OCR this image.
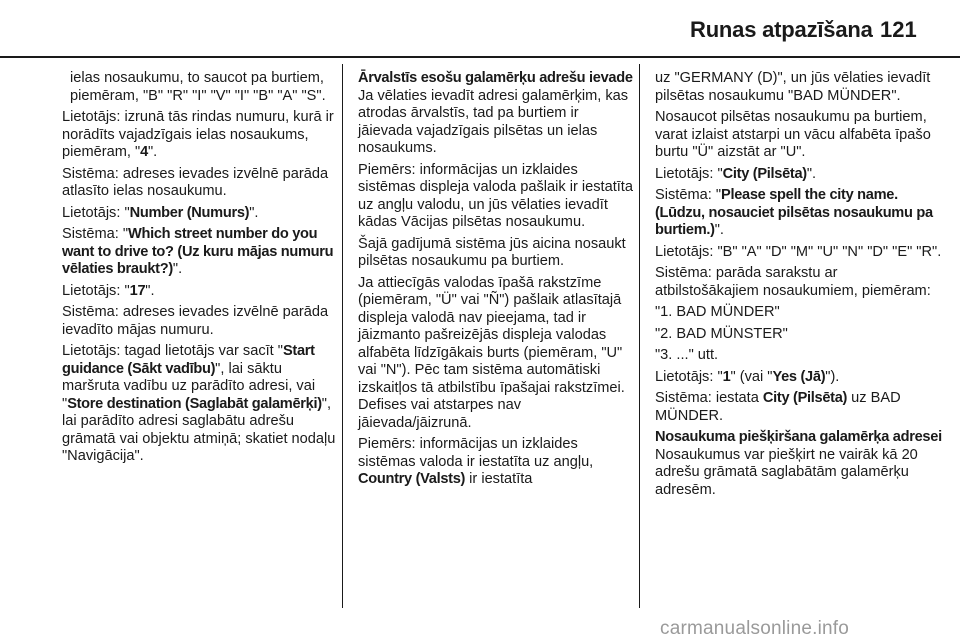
Runas atpazīšana 121

ielas nosaukumu, to saucot pa burtiem, piemēram, "B" "R" "I" "V" "I" "B" "A" "S".

Lietotājs: izrunā tās rindas numuru, kurā ir norādīts vajadzīgais ielas nosaukums, piemēram, "4".

Sistēma: adreses ievades izvēlnē parāda atlasīto ielas nosaukumu.

Lietotājs: "Number (Numurs)".

Sistēma: "Which street number do you want to drive to? (Uz kuru mājas numuru vēlaties braukt?)".

Lietotājs: "17".

Sistēma: adreses ievades izvēlnē parāda ievadīto mājas numuru.

Lietotājs: tagad lietotājs var sacīt "Start guidance (Sākt vadību)", lai sāktu maršruta vadību uz parādīto adresi, vai "Store destination (Saglabāt galamērķi)", lai parādīto adresi saglabātu adrešu grāmatā vai objektu atmiņā; skatiet nodaļu "Navigācija".

Ārvalstīs esošu galamērķu adrešu ievade

Ja vēlaties ievadīt adresi galamērķim, kas atrodas ārvalstīs, tad pa burtiem ir jāievada vajadzīgais pilsētas un ielas nosaukums.

Piemērs: informācijas un izklaides sistēmas displeja valoda pašlaik ir iestatīta uz angļu valodu, un jūs vēlaties ievadīt kādas Vācijas pilsētas nosaukumu.

Šajā gadījumā sistēma jūs aicina nosaukt pilsētas nosaukumu pa burtiem.

Ja attiecīgās valodas īpašā rakstzīme (piemēram, "Ü" vai "Ñ") pašlaik atlasītajā displeja valodā nav pieejama, tad ir jāizmanto pašreizējās displeja valodas alfabēta līdzīgākais burts (piemēram, "U" vai "N"). Pēc tam sistēma automātiski izskaitļos tā atbilstību īpašajai rakstzīmei. Defises vai atstarpes nav jāievada/jāizrunā.

Piemērs: informācijas un izklaides sistēmas valoda ir iestatīta uz angļu, Country (Valsts) ir iestatīta

uz "GERMANY (D)", un jūs vēlaties ievadīt pilsētas nosaukumu "BAD MÜNDER".

Nosaucot pilsētas nosaukumu pa burtiem, varat izlaist atstarpi un vācu alfabēta īpašo burtu "Ü" aizstāt ar "U".

Lietotājs: "City (Pilsēta)".

Sistēma: "Please spell the city name. (Lūdzu, nosauciet pilsētas nosaukumu pa burtiem.)".

Lietotājs: "B" "A" "D" "M" "U" "N" "D" "E" "R".

Sistēma: parāda sarakstu ar atbilstošākajiem nosaukumiem, piemēram:

"1. BAD MÜNDER"

"2. BAD MÜNSTER"

"3. ..." utt.

Lietotājs: "1" (vai "Yes (Jā)").

Sistēma: iestata City (Pilsēta) uz BAD MÜNDER.

Nosaukuma piešķiršana galamērķa adresei

Nosaukumus var piešķirt ne vairāk kā 20 adrešu grāmatā saglabātām galamērķu adresēm.

carmanualsonline.info
